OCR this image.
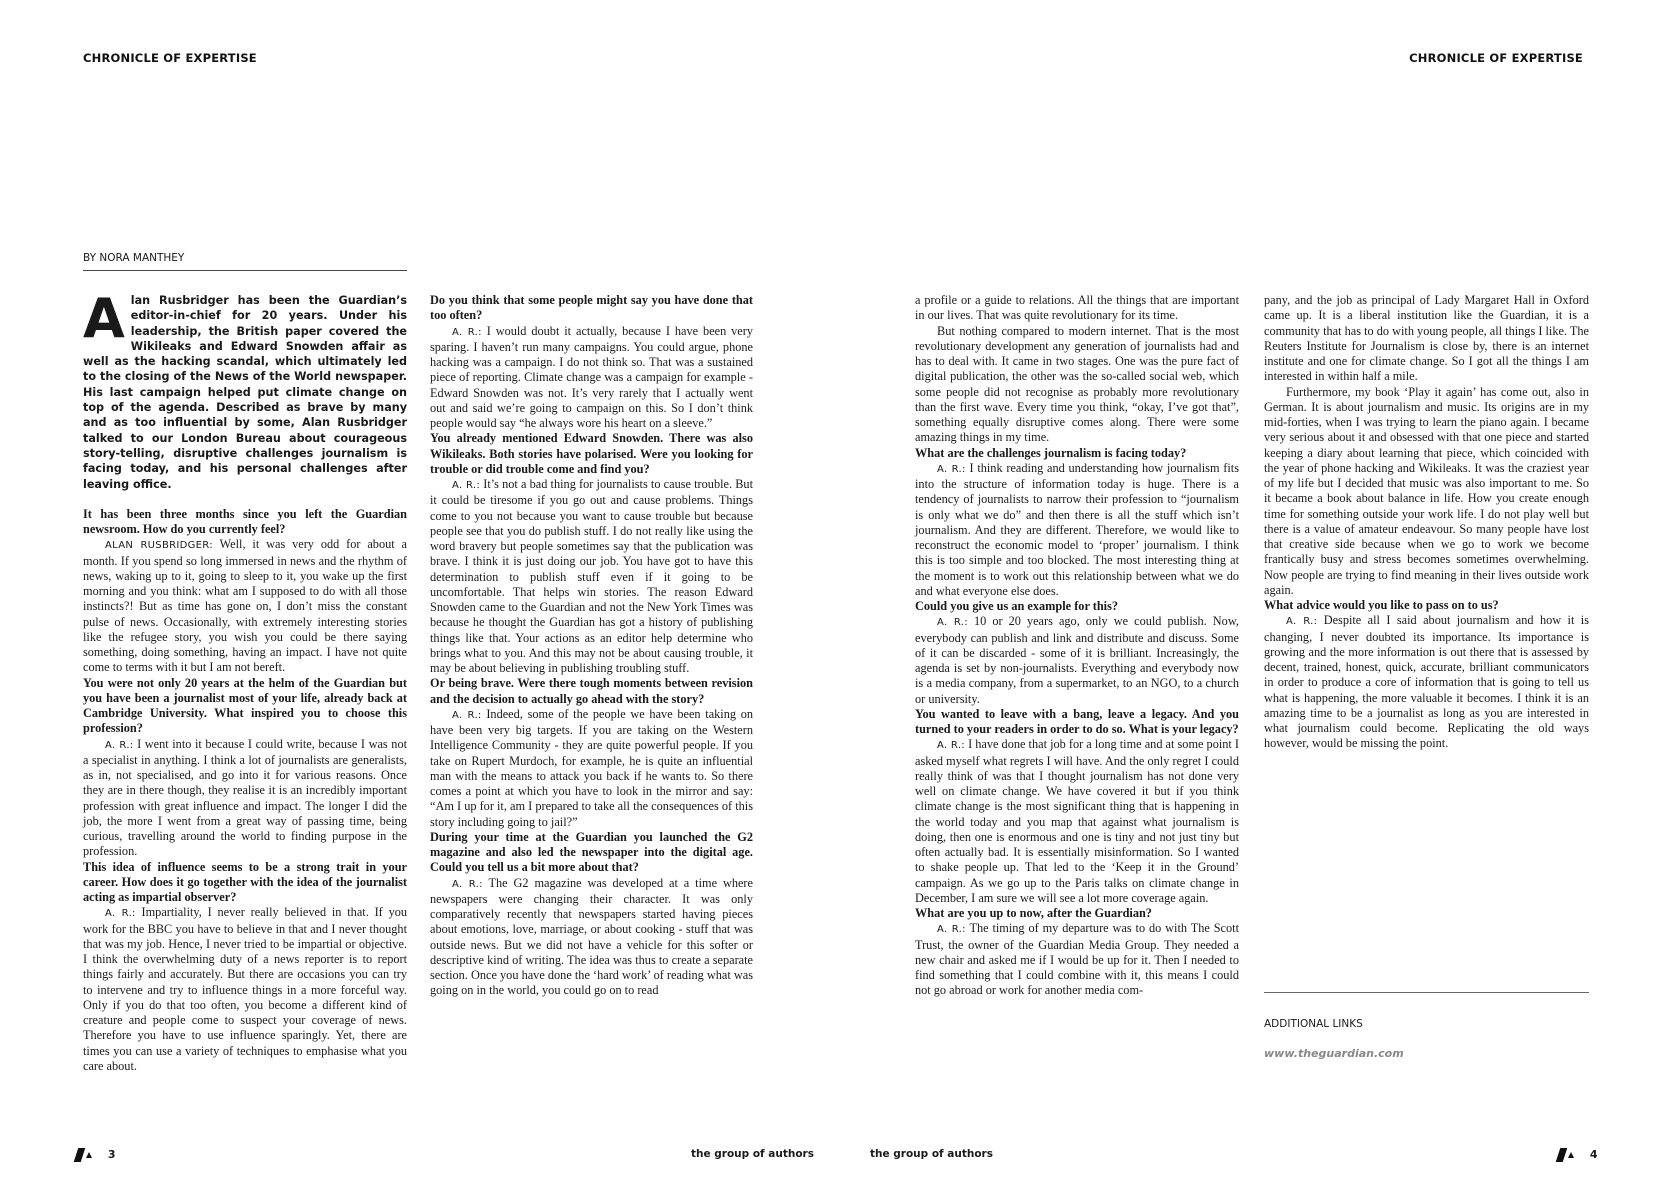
CHRONICLE OF EXPERTISE
BY NORA MANTHEY

Alan Rusbridger has been the Guardian’s editor-in-chief for 20 years. Under his leadership, the British paper covered the Wikileaks and Edward Snowden affair as well as the hacking scandal, which ultimately led to the closing of the News of the World newspaper. His last campaign helped put climate change on top of the agenda. Described as brave by many and as too influential by some, Alan Rusbridger talked to our London Bureau about courageous story-telling, disruptive challenges journalism is facing today, and his personal challenges after leaving office.

It has been three months since you left the Guardian newsroom. How do you currently feel?

ALAN RUSBRIDGER: Well, it was very odd for about a month. If you spend so long immersed in news and the rhythm of news, waking up to it, going to sleep to it, you wake up the first morning and you think: what am I supposed to do with all those instincts?! But as time has gone on, I don’t miss the constant pulse of news. Occasionally, with extremely interesting stories like the refugee story, you wish you could be there saying something, doing something, having an impact. I have not quite come to terms with it but I am not bereft.

You were not only 20 years at the helm of the Guardian but you have been a journalist most of your life, already back at Cambridge University. What inspired you to choose this profession?

A. R.: I went into it because I could write, because I was not a specialist in anything. I think a lot of journalists are generalists, as in, not specialised, and go into it for various reasons. Once they are in there though, they realise it is an incredibly important profession with great influence and impact. The longer I did the job, the more I went from a great way of passing time, being curious, travelling around the world to finding purpose in the profession.

This idea of influence seems to be a strong trait in your career. How does it go together with the idea of the journalist acting as impartial observer?

A. R.: Impartiality, I never really believed in that. If you work for the BBC you have to believe in that and I never thought that was my job. Hence, I never tried to be impartial or objective. I think the overwhelming duty of a news reporter is to report things fairly and accurately. But there are occasions you can try to intervene and try to influence things in a more forceful way. Only if you do that too often, you become a different kind of creature and people come to suspect your coverage of news. Therefore you have to use influence sparingly. Yet, there are times you can use a variety of techniques to emphasise what you care about.

Do you think that some people might say you have done that too often?

A. R.: I would doubt it actually, because I have been very sparing. I haven’t run many campaigns. You could argue, phone hacking was a campaign. I do not think so. That was a sustained piece of reporting. Climate change was a campaign for example - Edward Snowden was not. It’s very rarely that I actually went out and said we’re going to campaign on this. So I don’t think people would say “he always wore his heart on a sleeve.”

You already mentioned Edward Snowden. There was also Wikileaks. Both stories have polarised. Were you looking for trouble or did trouble come and find you?

A. R.: It’s not a bad thing for journalists to cause trouble. But it could be tiresome if you go out and cause problems. Things come to you not because you want to cause trouble but because people see that you do publish stuff. I do not really like using the word bravery but people sometimes say that the publication was brave. I think it is just doing our job. You have got to have this determination to publish stuff even if it going to be uncomfortable. That helps win stories. The reason Edward Snowden came to the Guardian and not the New York Times was because he thought the Guardian has got a history of publishing things like that. Your actions as an editor help determine who brings what to you. And this may not be about causing trouble, it may be about believing in publishing troubling stuff.

Or being brave. Were there tough moments between revision and the decision to actually go ahead with the story?

A. R.: Indeed, some of the people we have been taking on have been very big targets. If you are taking on the Western Intelligence Community - they are quite powerful people. If you take on Rupert Murdoch, for example, he is quite an influential man with the means to attack you back if he wants to. So there comes a point at which you have to look in the mirror and say: “Am I up for it, am I prepared to take all the consequences of this story including going to jail?”

During your time at the Guardian you launched the G2 magazine and also led the newspaper into the digital age. Could you tell us a bit more about that?

A. R.: The G2 magazine was developed at a time where newspapers were changing their character. It was only comparatively recently that newspapers started having pieces about emotions, love, marriage, or about cooking - stuff that was outside news. But we did not have a vehicle for this softer or descriptive kind of writing. The idea was thus to create a separate section. Once you have done the ‘hard work’ of reading what was going on in the world, you could go on to read

3	the group of authors
CHRONICLE OF EXPERTISE

a profile or a guide to relations. All the things that are important in our lives. That was quite revolutionary for its time.

But nothing compared to modern internet. That is the most revolutionary development any generation of journalists had and has to deal with. It came in two stages. One was the pure fact of digital publication, the other was the so-called social web, which some people did not recognise as probably more revolutionary than the first wave. Every time you think, “okay, I’ve got that”, something equally disruptive comes along. There were some amazing things in my time.

What are the challenges journalism is facing today?

A. R.: I think reading and understanding how journalism fits into the structure of information today is huge. There is a tendency of journalists to narrow their profession to “journalism is only what we do” and then there is all the stuff which isn’t journalism. And they are different. Therefore, we would like to reconstruct the economic model to ‘proper’ journalism. I think this is too simple and too blocked. The most interesting thing at the moment is to work out this relationship between what we do and what everyone else does.

Could you give us an example for this?

A. R.: 10 or 20 years ago, only we could publish. Now, everybody can publish and link and distribute and discuss. Some of it can be discarded - some of it is brilliant. Increasingly, the agenda is set by non-journalists. Everything and everybody now is a media company, from a supermarket, to an NGO, to a church or university.

You wanted to leave with a bang, leave a legacy. And you turned to your readers in order to do so. What is your legacy?

A. R.: I have done that job for a long time and at some point I asked myself what regrets I will have. And the only regret I could really think of was that I thought journalism has not done very well on climate change. We have covered it but if you think climate change is the most significant thing that is happening in the world today and you map that against what journalism is doing, then one is enormous and one is tiny and not just tiny but often actually bad. It is essentially misinformation. So I wanted to shake people up. That led to the ‘Keep it in the Ground’ campaign. As we go up to the Paris talks on climate change in December, I am sure we will see a lot more coverage again.

What are you up to now, after the Guardian?

A. R.: The timing of my departure was to do with The Scott Trust, the owner of the Guardian Media Group. They needed a new chair and asked me if I would be up for it. Then I needed to find something that I could combine with it, this means I could not go abroad or work for another media com-

pany, and the job as principal of Lady Margaret Hall in Oxford came up. It is a liberal institution like the Guardian, it is a community that has to do with young people, all things I like. The Reuters Institute for Journalism is close by, there is an internet institute and one for climate change. So I got all the things I am interested in within half a mile.

Furthermore, my book ‘Play it again’ has come out, also in German. It is about journalism and music. Its origins are in my mid-forties, when I was trying to learn the piano again. I became very serious about it and obsessed with that one piece and started keeping a diary about learning that piece, which coincided with the year of phone hacking and Wikileaks. It was the craziest year of my life but I decided that music was also important to me. So it became a book about balance in life. How you create enough time for something outside your work life. I do not play well but there is a value of amateur endeavour. So many people have lost that creative side because when we go to work we become frantically busy and stress becomes sometimes overwhelming. Now people are trying to find meaning in their lives outside work again.

What advice would you like to pass on to us?

A. R.: Despite all I said about journalism and how it is changing, I never doubted its importance. Its importance is growing and the more information is out there that is assessed by decent, trained, honest, quick, accurate, brilliant communicators in order to produce a core of information that is going to tell us what is happening, the more valuable it becomes. I think it is an amazing time to be a journalist as long as you are interested in what journalism could become. Replicating the old ways however, would be missing the point.

ADDITIONAL LINKS
www.theguardian.com
the group of authors	4
